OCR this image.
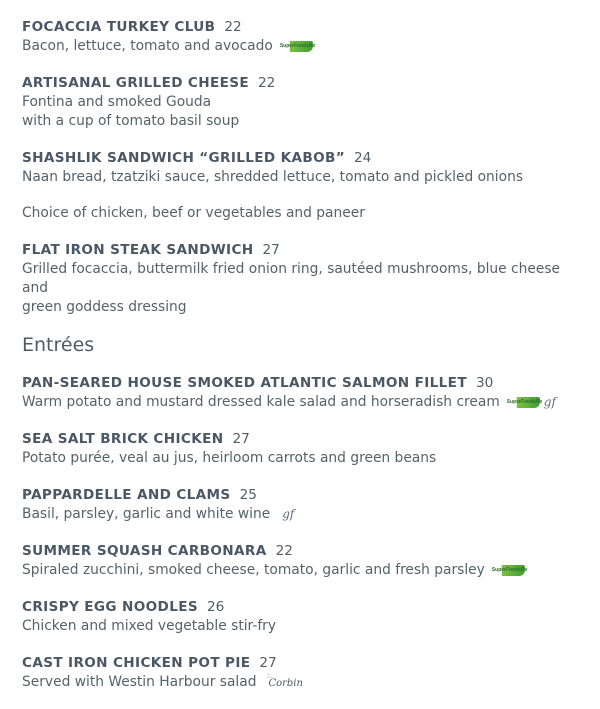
FOCACCIA TURKEY CLUB 22
Bacon, lettuce, tomato and avocado SuperFoodsRx
ARTISANAL GRILLED CHEESE 22
Fontina and smoked Gouda
with a cup of tomato basil soup
SHASHLIK SANDWICH “GRILLED KABOB” 24
Naan bread, tzatziki sauce, shredded lettuce, tomato and pickled onions
Choice of chicken, beef or vegetables and paneer
FLAT IRON STEAK SANDWICH 27
Grilled focaccia, buttermilk fried onion ring, sautéed mushrooms, blue cheese and
green goddess dressing
Entrées
PAN-SEARED HOUSE SMOKED ATLANTIC SALMON FILLET 30
Warm potato and mustard dressed kale salad and horseradish cream SuperFoodsRx gf
SEA SALT BRICK CHICKEN 27
Potato purée, veal au jus, heirloom carrots and green beans
PAPPARDELLE AND CLAMS 25
Basil, parsley, garlic and white wine gf
SUMMER SQUASH CARBONARA 22
Spiraled zucchini, smoked cheese, tomato, garlic and fresh parsley SuperFoodsRx
CRISPY EGG NOODLES 26
Chicken and mixed vegetable stir-fry
CAST IRON CHICKEN POT PIE 27
Served with Westin Harbour salad ♨
Corbin
